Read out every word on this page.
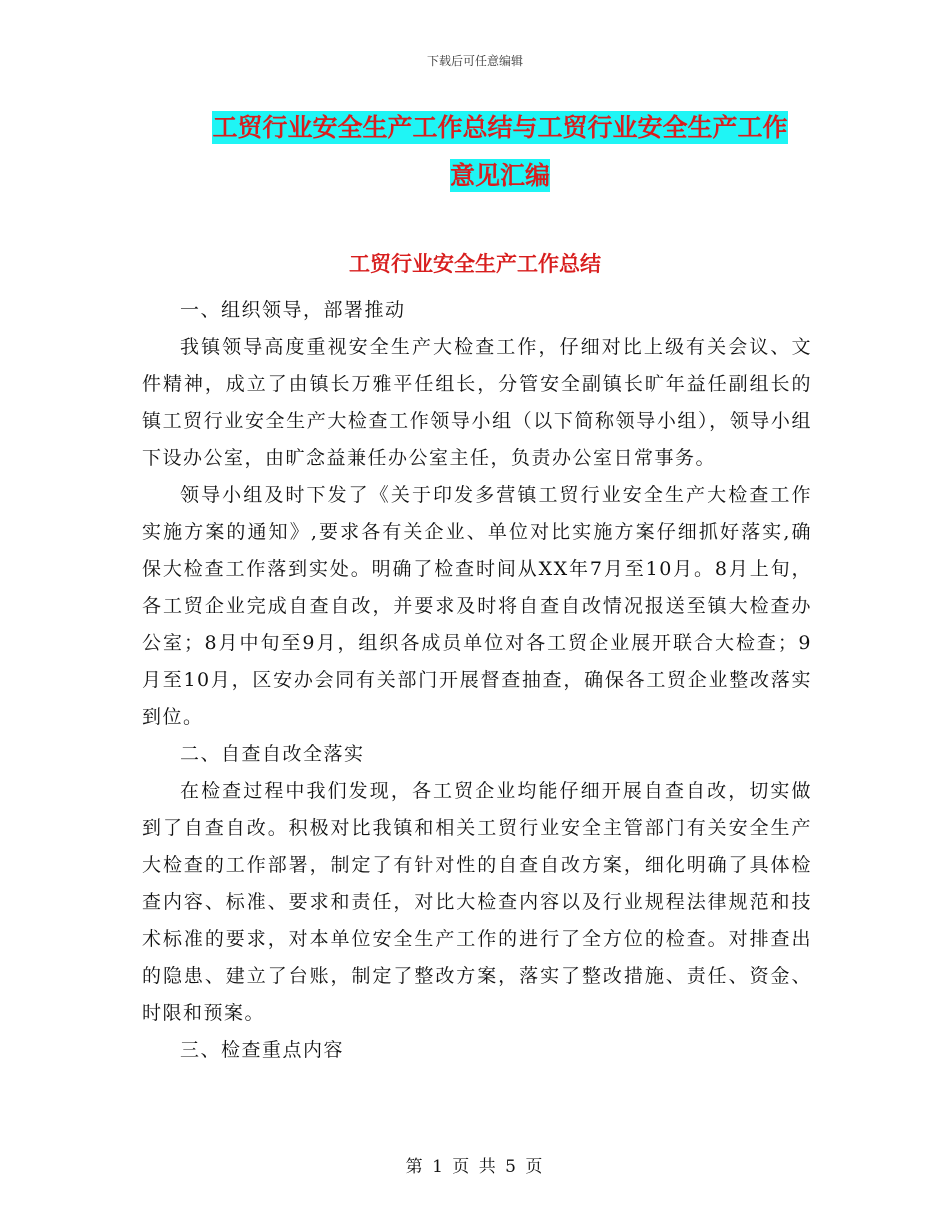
下载后可任意编辑
工贸行业安全生产工作总结与工贸行业安全生产工作
意见汇编
工贸行业安全生产工作总结

一、组织领导，部署推动

我镇领导高度重视安全生产大检查工作，仔细对比上级有关会议、文件精神，成立了由镇长万雅平任组长，分管安全副镇长旷年益任副组长的镇工贸行业安全生产大检查工作领导小组（以下简称领导小组），领导小组下设办公室，由旷念益兼任办公室主任，负责办公室日常事务。

领导小组及时下发了《关于印发多营镇工贸行业安全生产大检查工作实施方案的通知》,要求各有关企业、单位对比实施方案仔细抓好落实,确保大检查工作落到实处。明确了检查时间从XX年7月至10月。8月上旬，各工贸企业完成自查自改，并要求及时将自查自改情况报送至镇大检查办公室；8月中旬至9月，组织各成员单位对各工贸企业展开联合大检查；9月至10月，区安办会同有关部门开展督查抽查，确保各工贸企业整改落实到位。

二、自查自改全落实

在检查过程中我们发现，各工贸企业均能仔细开展自查自改，切实做到了自查自改。积极对比我镇和相关工贸行业安全主管部门有关安全生产大检查的工作部署，制定了有针对性的自查自改方案，细化明确了具体检查内容、标准、要求和责任，对比大检查内容以及行业规程法律规范和技术标准的要求，对本单位安全生产工作的进行了全方位的检查。对排查出的隐患、建立了台账，制定了整改方案，落实了整改措施、责任、资金、时限和预案。

三、检查重点内容

第 1 页 共 5 页
